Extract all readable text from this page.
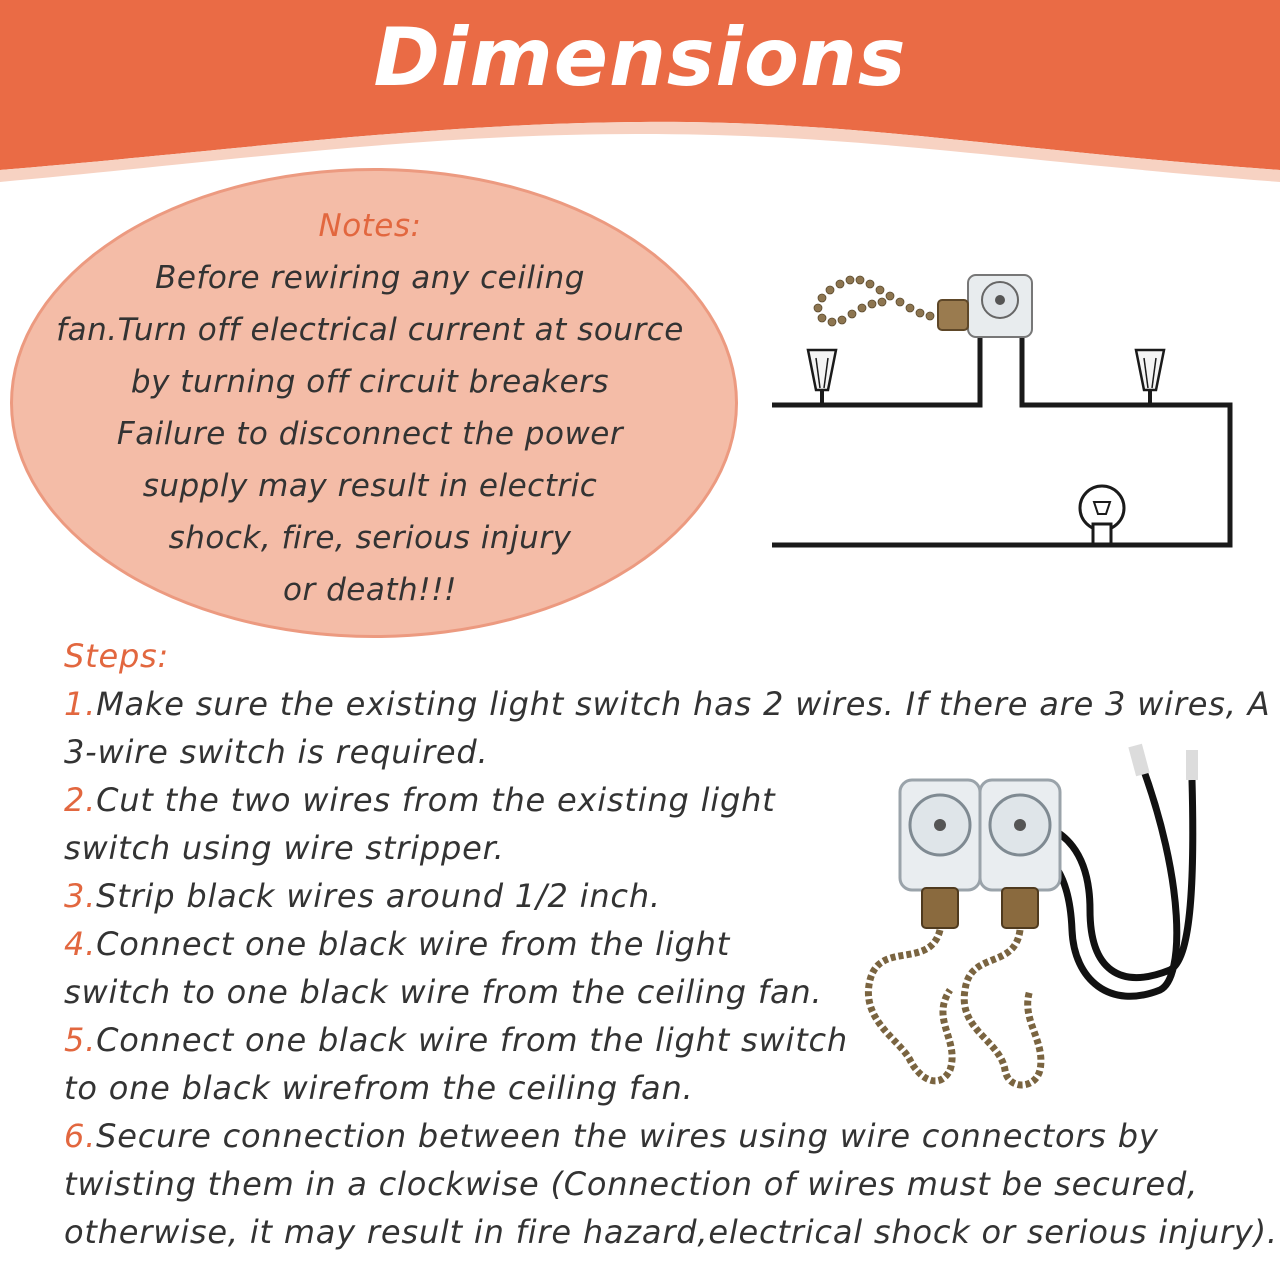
Dimensions
Notes:
Before rewiring any ceiling
fan.Turn off electrical current at source
by turning off circuit breakers
Failure to disconnect the power
supply may result in electric
shock, fire, serious injury
or death!!!
Steps:
1.Make sure the existing light switch has 2 wires. If there are 3 wires, A
3-wire switch is required.
2.Cut the two wires from the existing light
switch using wire stripper.
3.Strip black wires around 1/2 inch.
4.Connect one black wire from the light
switch to one black wire from the ceiling fan.
5.Connect one black wire from the light switch
to one black wirefrom the ceiling fan.
6.Secure connection between the wires using wire connectors by
twisting them in a clockwise (Connection of wires must be secured,
otherwise, it may result in fire hazard,electrical shock or serious injury).
